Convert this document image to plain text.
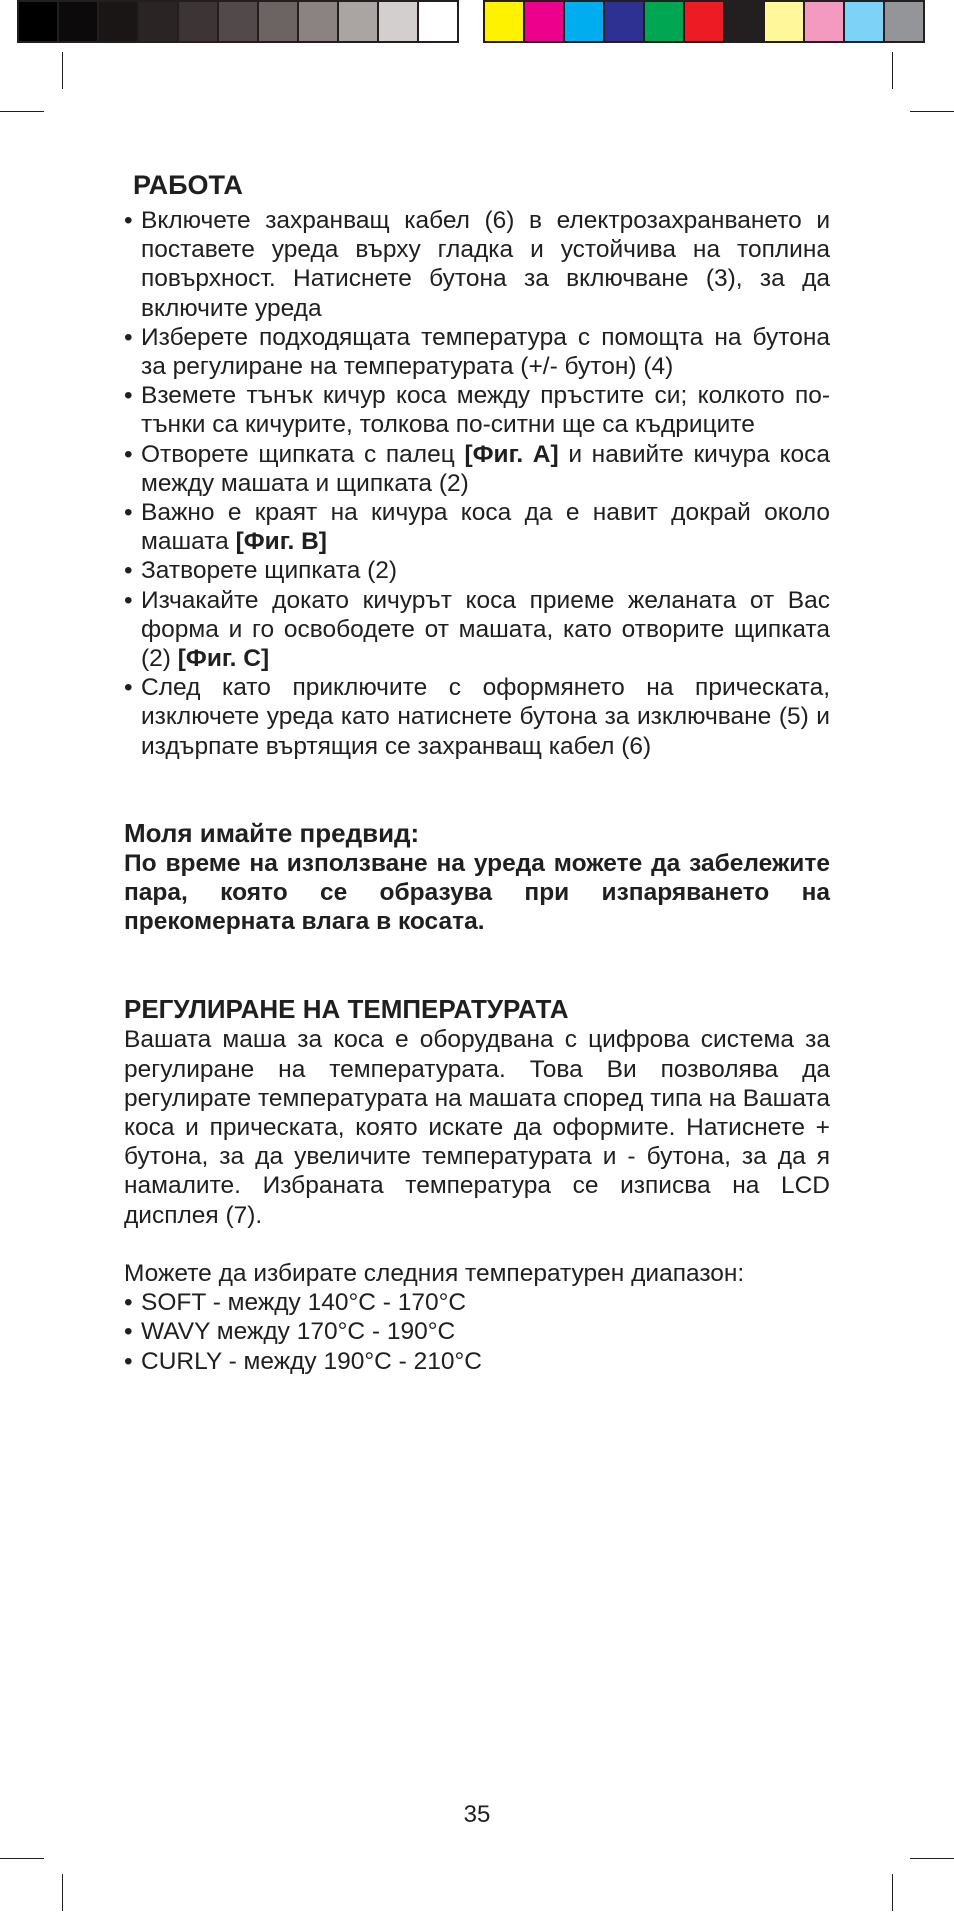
РАБОТА
• Включете захранващ кабел (6) в електрозахранването и поставете уреда върху гладка и устойчива на топлина повърхност. Натиснете бутона за включване (3), за да включите уреда
• Изберете подходящата температура с помощта на бутона за регулиране на температурата (+/- бутон) (4)
• Вземете тънък кичур коса между пръстите си; колкото по-тънки са кичурите, толкова по-ситни ще са къдриците
• Отворете щипката с палец [Фиг. A] и навийте кичура коса между машата и щипката (2)
• Важно е краят на кичура коса да е навит докрай около машата [Фиг. B]
• Затворете щипката (2)
• Изчакайте докато кичурът коса приеме желаната от Вас форма и го освободете от машата, като отворите щипката (2) [Фиг. C]
• След като приключите с оформянето на прическата, изключете уреда като натиснете бутона за изключване (5) и издърпате въртящия се захранващ кабел (6)
Моля имайте предвид:

По време на използване на уреда можете да забележите пара, която се образува при изпаряването на прекомерната влага в косата.

РЕГУЛИРАНЕ НА ТЕМПЕРАТУРАТА

Вашата маша за коса е оборудвана с цифрова система за регулиране на температурата. Това Ви позволява да регулирате температурата на машата според типа на Вашата коса и прическата, която искате да оформите. Натиснете + бутона, за да увеличите температурата и - бутона, за да я намалите. Избраната температура се изписва на LCD дисплея (7).

Можете да избирате следния температурен диапазон:

• SOFT - между 140°C - 170°C
• WAVY между 170°C - 190°C
• CURLY - между 190°C - 210°C
35
